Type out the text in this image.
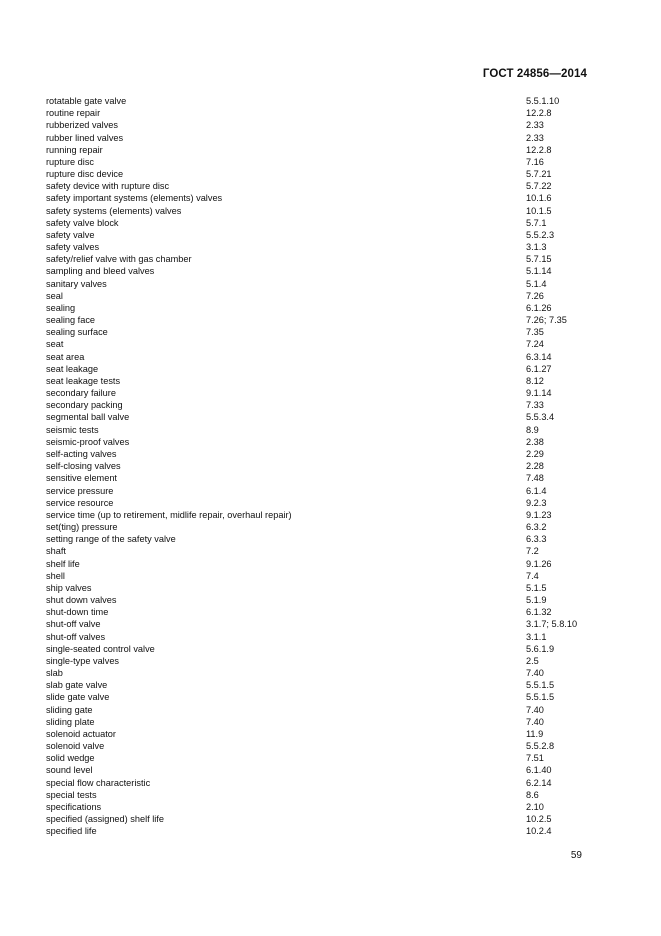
ГОСТ 24856—2014
rotatable gate valve	5.5.1.10
routine repair	12.2.8
rubberized valves	2.33
rubber lined valves	2.33
running repair	12.2.8
rupture disc	7.16
rupture disc device	5.7.21
safety device with rupture disc	5.7.22
safety important systems (elements) valves	10.1.6
safety systems (elements) valves	10.1.5
safety valve block	5.7.1
safety valve	5.5.2.3
safety valves	3.1.3
safety/relief valve with gas chamber	5.7.15
sampling and bleed valves	5.1.14
sanitary valves	5.1.4
seal	7.26
sealing	6.1.26
sealing face	7.26; 7.35
sealing surface	7.35
seat	7.24
seat area	6.3.14
seat leakage	6.1.27
seat leakage tests	8.12
secondary failure	9.1.14
secondary packing	7.33
segmental ball valve	5.5.3.4
seismic tests	8.9
seismic-proof valves	2.38
self-acting valves	2.29
self-closing valves	2.28
sensitive element	7.48
service pressure	6.1.4
service resource	9.2.3
service time (up to retirement, midlife repair, overhaul repair)	9.1.23
set(ting) pressure	6.3.2
setting range of the safety valve	6.3.3
shaft	7.2
shelf life	9.1.26
shell	7.4
ship valves	5.1.5
shut down valves	5.1.9
shut-down time	6.1.32
shut-off valve	3.1.7; 5.8.10
shut-off valves	3.1.1
single-seated control valve	5.6.1.9
single-type valves	2.5
slab	7.40
slab gate valve	5.5.1.5
slide gate valve	5.5.1.5
sliding gate	7.40
sliding plate	7.40
solenoid actuator	11.9
solenoid valve	5.5.2.8
solid wedge	7.51
sound level	6.1.40
special flow characteristic	6.2.14
special tests	8.6
specifications	2.10
specified (assigned) shelf life	10.2.5
specified life	10.2.4
59
